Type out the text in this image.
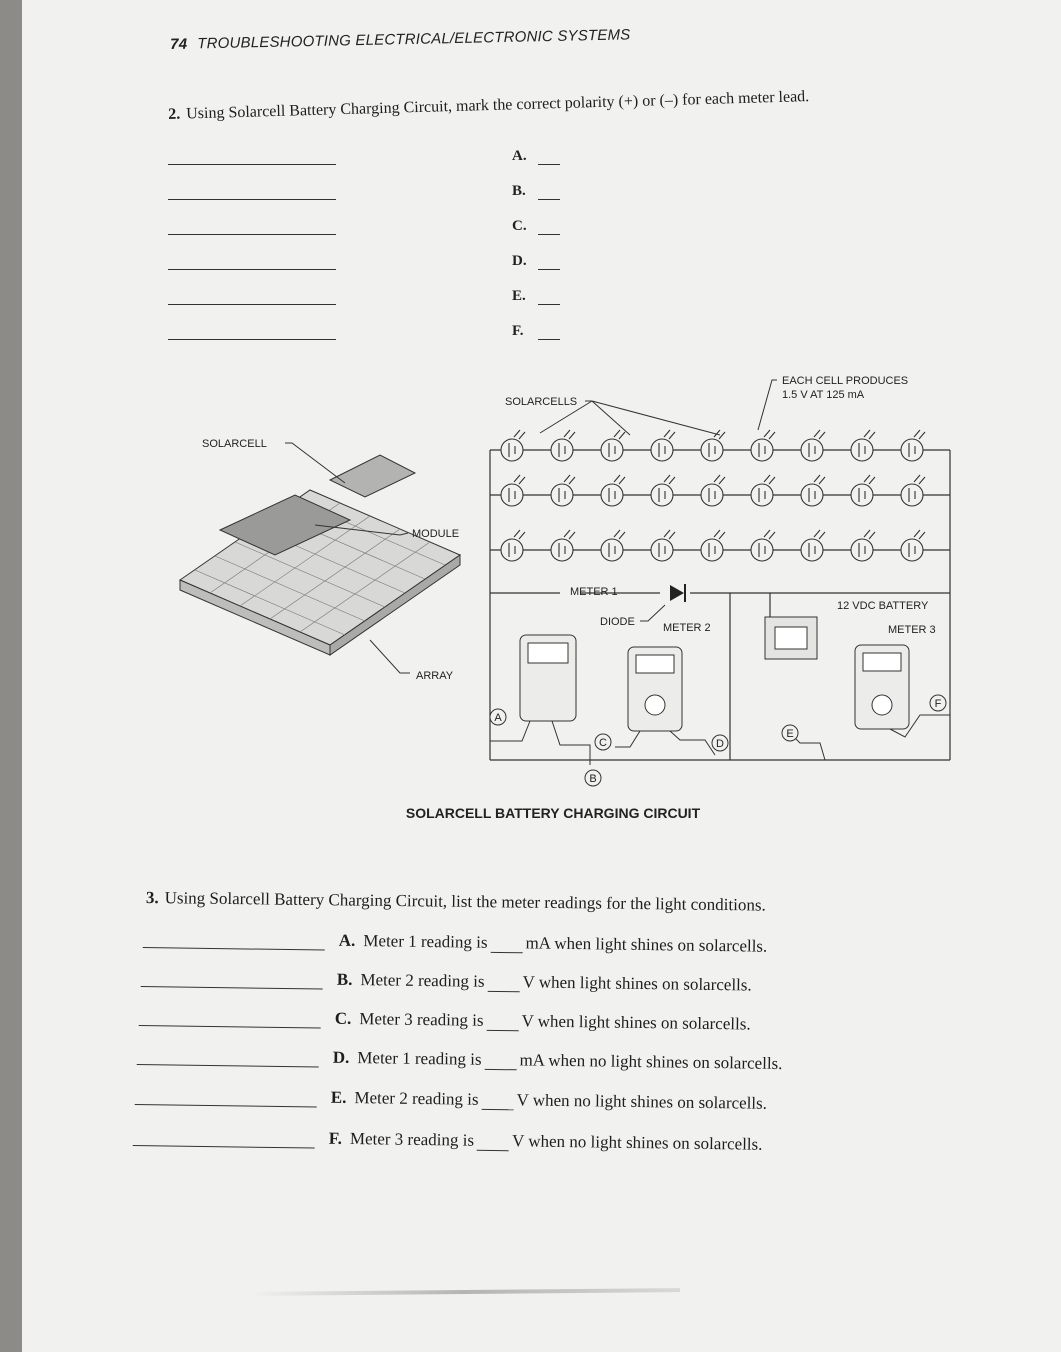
74 TROUBLESHOOTING ELECTRICAL/ELECTRONIC SYSTEMS
2. Using Solarcell Battery Charging Circuit, mark the correct polarity (+) or (–) for each meter lead.
A.
B.
C.
D.
E.
F.
SOLARCELL
MODULE
ARRAY
SOLARCELLS
EACH CELL PRODUCES
1.5 V AT 125 mA
DIODE
METER 1
METER 2
12 VDC BATTERY
METER 3
A
B
C	D
E
F
SOLARCELL BATTERY CHARGING CIRCUIT
3. Using Solarcell Battery Charging Circuit, list the meter readings for the light conditions.
A. Meter 1 reading is mA when light shines on solarcells.
B. Meter 2 reading is V when light shines on solarcells.
C. Meter 3 reading is V when light shines on solarcells.
D. Meter 1 reading is mA when no light shines on solarcells.
E. Meter 2 reading is V when no light shines on solarcells.
F. Meter 3 reading is V when no light shines on solarcells.
